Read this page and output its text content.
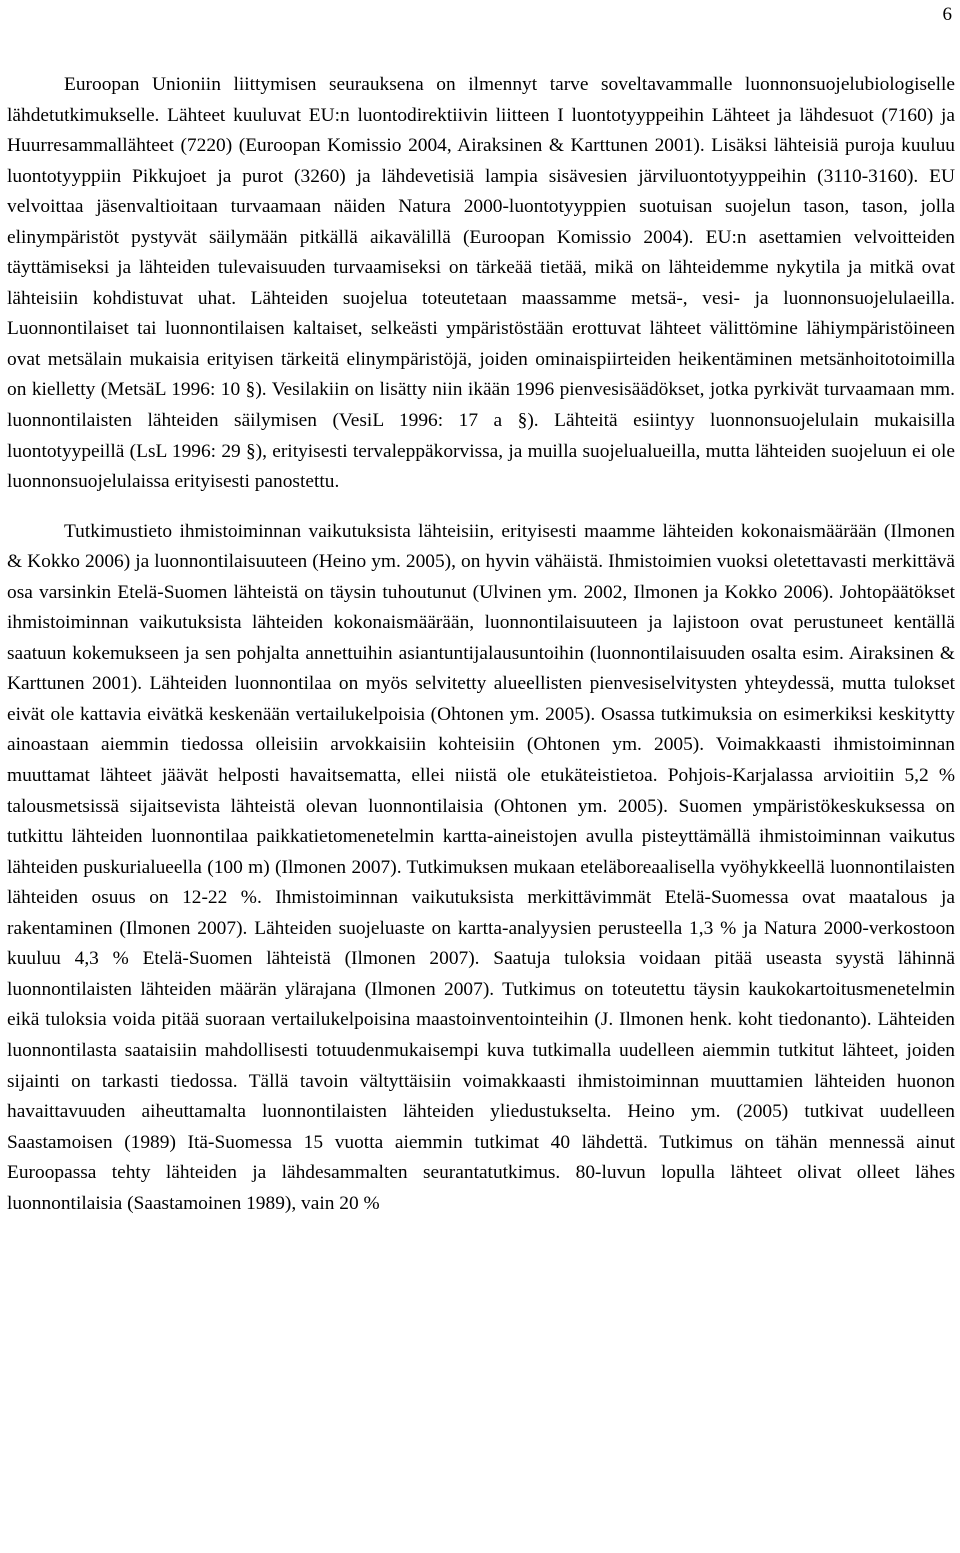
6

Euroopan Unioniin liittymisen seurauksena on ilmennyt tarve soveltavammalle luonnonsuojelubiologiselle lähdetutkimukselle. Lähteet kuuluvat EU:n luontodirektiivin liitteen I luontotyyppeihin Lähteet ja lähdesuot (7160) ja Huurresammallähteet (7220) (Euroopan Komissio 2004, Airaksinen & Karttunen 2001). Lisäksi lähteisiä puroja kuuluu luontotyyppiin Pikkujoet ja purot (3260) ja lähdevetisiä lampia sisävesien järviluontotyyppeihin (3110-3160). EU velvoittaa jäsenvaltioitaan turvaamaan näiden Natura 2000-luontotyyppien suotuisan suojelun tason, tason, jolla elinympäristöt pystyvät säilymään pitkällä aikavälillä (Euroopan Komissio 2004). EU:n asettamien velvoitteiden täyttämiseksi ja lähteiden tulevaisuuden turvaamiseksi on tärkeää tietää, mikä on lähteidemme nykytila ja mitkä ovat lähteisiin kohdistuvat uhat. Lähteiden suojelua toteutetaan maassamme metsä-, vesi- ja luonnonsuojelulaeilla. Luonnontilaiset tai luonnontilaisen kaltaiset, selkeästi ympäristöstään erottuvat lähteet välittömine lähiympäristöineen ovat metsälain mukaisia erityisen tärkeitä elinympäristöjä, joiden ominaispiirteiden heikentäminen metsänhoitotoimilla on kielletty (MetsäL 1996: 10 §). Vesilakiin on lisätty niin ikään 1996 pienvesisäädökset, jotka pyrkivät turvaamaan mm. luonnontilaisten lähteiden säilymisen (VesiL 1996: 17 a §). Lähteitä esiintyy luonnonsuojelulain mukaisilla luontotyypeillä (LsL 1996: 29 §), erityisesti tervaleppäkorvissa, ja muilla suojelualueilla, mutta lähteiden suojeluun ei ole luonnonsuojelulaissa erityisesti panostettu.

Tutkimustieto ihmistoiminnan vaikutuksista lähteisiin, erityisesti maamme lähteiden kokonaismäärään (Ilmonen & Kokko 2006) ja luonnontilaisuuteen (Heino ym. 2005), on hyvin vähäistä. Ihmistoimien vuoksi oletettavasti merkittävä osa varsinkin Etelä-Suomen lähteistä on täysin tuhoutunut (Ulvinen ym. 2002, Ilmonen ja Kokko 2006). Johtopäätökset ihmistoiminnan vaikutuksista lähteiden kokonaismäärään, luonnontilaisuuteen ja lajistoon ovat perustuneet kentällä saatuun kokemukseen ja sen pohjalta annettuihin asiantuntijalausuntoihin (luonnontilaisuuden osalta esim. Airaksinen & Karttunen 2001). Lähteiden luonnontilaa on myös selvitetty alueellisten pienvesiselvitysten yhteydessä, mutta tulokset eivät ole kattavia eivätkä keskenään vertailukelpoisia (Ohtonen ym. 2005). Osassa tutkimuksia on esimerkiksi keskitytty ainoastaan aiemmin tiedossa olleisiin arvokkaisiin kohteisiin (Ohtonen ym. 2005). Voimakkaasti ihmistoiminnan muuttamat lähteet jäävät helposti havaitsematta, ellei niistä ole etukäteistietoa. Pohjois-Karjalassa arvioitiin 5,2 % talousmetsissä sijaitsevista lähteistä olevan luonnontilaisia (Ohtonen ym. 2005). Suomen ympäristökeskuksessa on tutkittu lähteiden luonnontilaa paikkatietomenetelmin kartta-aineistojen avulla pisteyttämällä ihmistoiminnan vaikutus lähteiden puskurialueella (100 m) (Ilmonen 2007). Tutkimuksen mukaan eteläboreaalisella vyöhykkeellä luonnontilaisten lähteiden osuus on 12-22 %. Ihmistoiminnan vaikutuksista merkittävimmät Etelä-Suomessa ovat maatalous ja rakentaminen (Ilmonen 2007). Lähteiden suojeluaste on kartta-analyysien perusteella 1,3 % ja Natura 2000-verkostoon kuuluu 4,3 % Etelä-Suomen lähteistä (Ilmonen 2007). Saatuja tuloksia voidaan pitää useasta syystä lähinnä luonnontilaisten lähteiden määrän ylärajana (Ilmonen 2007). Tutkimus on toteutettu täysin kaukokartoitusmenetelmin eikä tuloksia voida pitää suoraan vertailukelpoisina maastoinventointeihin (J. Ilmonen henk. koht tiedonanto). Lähteiden luonnontilasta saataisiin mahdollisesti totuudenmukaisempi kuva tutkimalla uudelleen aiemmin tutkitut lähteet, joiden sijainti on tarkasti tiedossa. Tällä tavoin vältyttäisiin voimakkaasti ihmistoiminnan muuttamien lähteiden huonon havaittavuuden aiheuttamalta luonnontilaisten lähteiden yliedustukselta. Heino ym. (2005) tutkivat uudelleen Saastamoisen (1989) Itä-Suomessa 15 vuotta aiemmin tutkimat 40 lähdettä. Tutkimus on tähän mennessä ainut Euroopassa tehty lähteiden ja lähdesammalten seurantatutkimus. 80-luvun lopulla lähteet olivat olleet lähes luonnontilaisia (Saastamoinen 1989), vain 20 %
